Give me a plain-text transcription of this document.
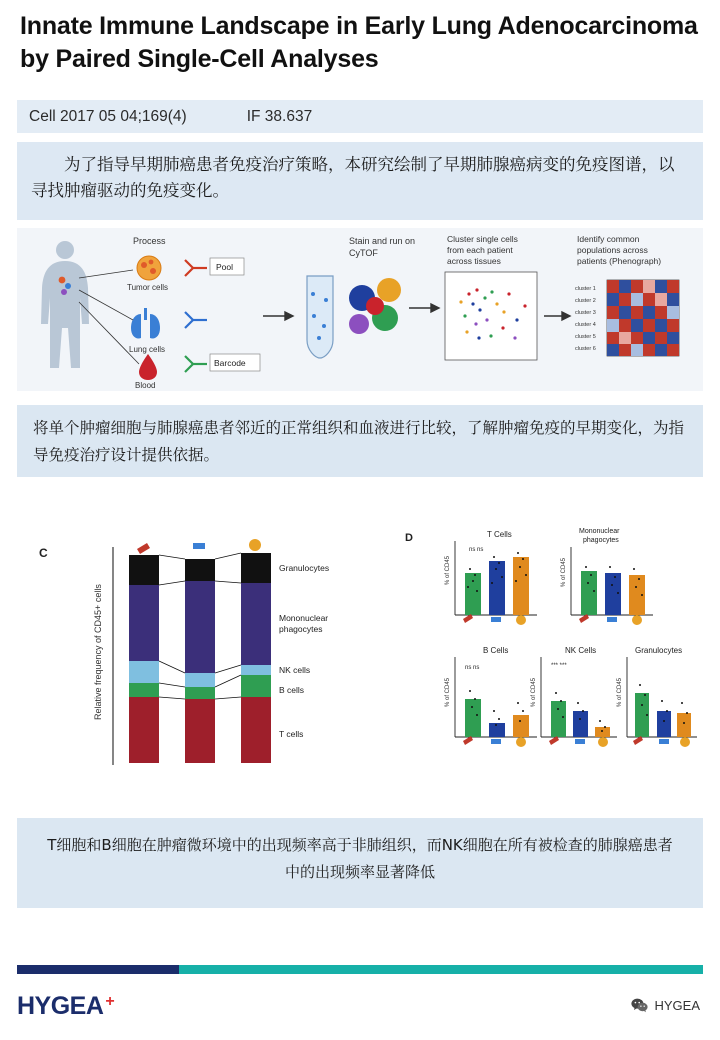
Innate Immune Landscape in Early Lung Adenocarcinoma by Paired Single-Cell Analyses
Cell 2017 05 04;169(4)	IF 38.637
为了指导早期肺癌患者免疫治疗策略，本研究绘制了早期肺腺癌病变的免疫图谱，以寻找肿瘤驱动的免疫变化。
Process
Tumor cells
Lung cells
Blood
Pool
Barcode
Stain and run on
CyTOF
Cluster single cells
from each patient
across tissues
Identify common
populations across
patients (Phenograph)
cluster 1
cluster 2
cluster 3
cluster 4
cluster 5
cluster 6
将单个肿瘤细胞与肺腺癌患者邻近的正常组织和血液进行比较，了解肿瘤免疫的早期变化，为指导免疫治疗设计提供依据。
C
Relative frequency of CD45+ cells
Granulocytes
Mononuclear
phagocytes
NK cells
B cells
T cells
D	T Cells
% of CD45
ns ns
Mononuclear
phagocytes
% of CD45
B Cells
% of CD45
ns ns
NK Cells
% of CD45
*** ***
Granulocytes
% of CD45
T细胞和B细胞在肿瘤微环境中的出现频率高于非肺组织，而NK细胞在所有被检查的肺腺癌患者中的出现频率显著降低
HYGEA +	HYGEA
